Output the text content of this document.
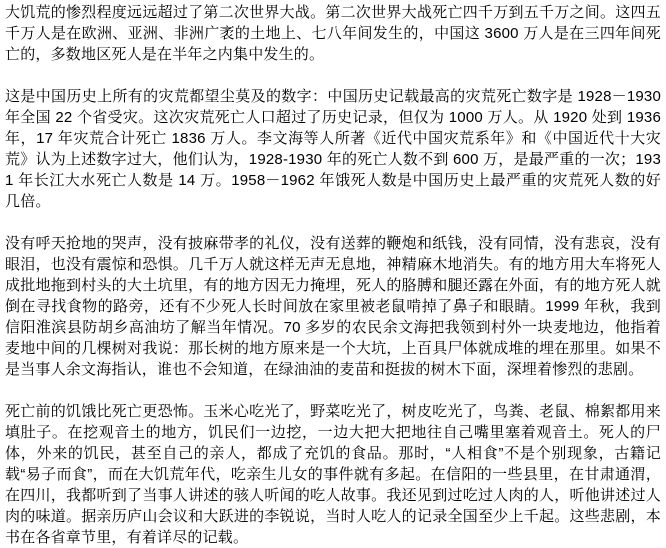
大饥荒的惨烈程度远远超过了第二次世界大战。第二次世界大战死亡四千万到五千万之间。这四五千万人是在欧洲、亚洲、非洲广袤的土地上、七八年间发生的，中国这 3600 万人是在三四年间死亡的，多数地区死人是在半年之内集中发生的。

这是中国历史上所有的灾荒都望尘莫及的数字：中国历史记载最高的灾荒死亡数字是 1928－1930 年全国 22 个省受灾。这次灾荒死亡人口超过了历史记录，但仅为 1000 万人。从 1920 处到 1936 年，17 年灾荒合计死亡 1836 万人。李文海等人所著《近代中国灾荒系年》和《中国近代十大灾荒》认为上述数字过大，他们认为，1928-1930 年的死亡人数不到 600 万，是最严重的一次；1931 年长江大水死亡人数是 14 万。1958－1962 年饿死人数是中国历史上最严重的灾荒死人数的好几倍。

没有呼天抢地的哭声，没有披麻带孝的礼仪，没有送葬的鞭炮和纸钱，没有同情，没有悲哀，没有眼泪，也没有震惊和恐惧。几千万人就这样无声无息地，神精麻木地消失。有的地方用大车将死人成批地拖到村头的大土坑里，有的地方因无力掩埋，死人的胳膊和腿还露在外面，有的地方死人就倒在寻找食物的路旁，还有不少死人长时间放在家里被老鼠啃掉了鼻子和眼睛。1999 年秋，我到信阳淮滨县防胡乡高油坊了解当年情况。70 多岁的农民余文海把我领到村外一块麦地边，他指着麦地中间的几棵树对我说：那长树的地方原来是一个大坑，上百具尸体就成堆的埋在那里。如果不是当事人余文海指认，谁也不会知道，在绿油油的麦苗和挺拔的树木下面，深埋着惨烈的悲剧。

死亡前的饥饿比死亡更恐怖。玉米心吃光了，野菜吃光了，树皮吃光了，鸟粪、老鼠、棉絮都用来填肚子。在挖观音土的地方，饥民们一边挖，一边大把大把地往自己嘴里塞着观音土。死人的尸体，外来的饥民，甚至自己的亲人，都成了充饥的食品。那时，“人相食”不是个别现象，古籍记载“易子而食”，而在大饥荒年代，吃亲生儿女的事件就有多起。在信阳的一些县里，在甘肃通渭，在四川，我都听到了当事人讲述的骇人听闻的吃人故事。我还见到过吃过人肉的人，听他讲述过人肉的味道。据亲历庐山会议和大跃进的李锐说，当时人吃人的记录全国至少上千起。这些悲剧，本书在各省章节里，有着详尽的记载。
